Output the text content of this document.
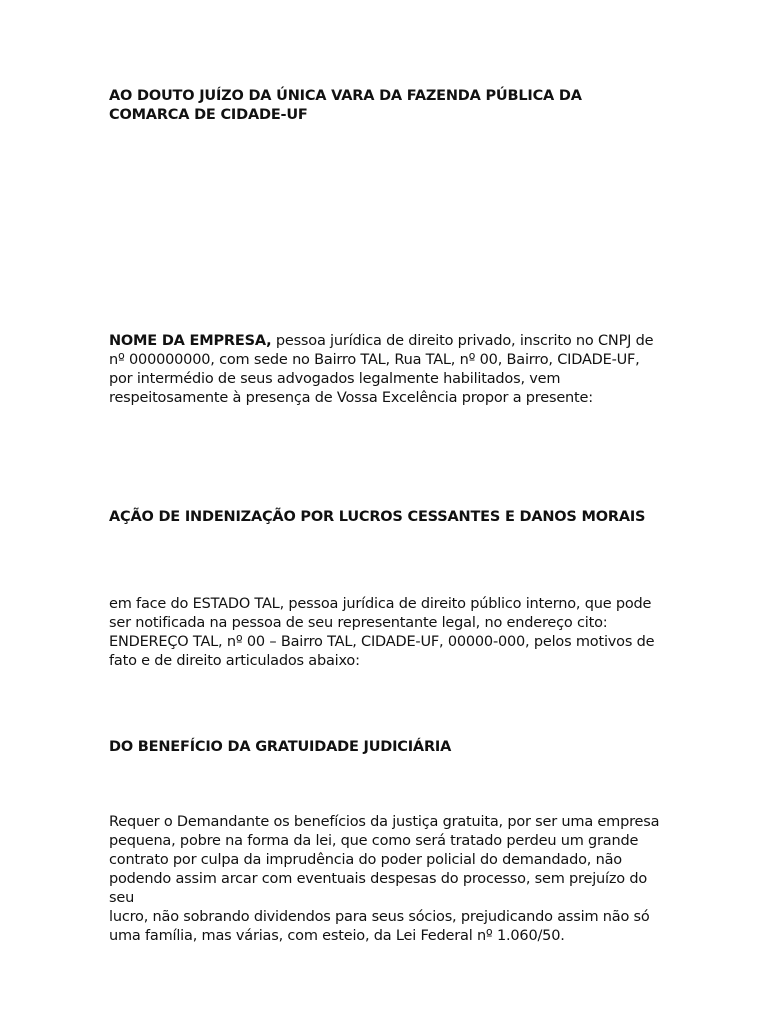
AO DOUTO JUÍZO DA ÚNICA VARA DA FAZENDA PÚBLICA DA
COMARCA DE CIDADE-UF
NOME DA EMPRESA, pessoa jurídica de direito privado, inscrito no CNPJ de
nº 000000000, com sede no Bairro TAL, Rua TAL, nº 00, Bairro, CIDADE-UF,
por intermédio de seus advogados legalmente habilitados, vem
respeitosamente à presença de Vossa Excelência propor a presente:
AÇÃO DE INDENIZAÇÃO POR LUCROS CESSANTES E DANOS MORAIS
em face do ESTADO TAL, pessoa jurídica de direito público interno, que pode
ser notificada na pessoa de seu representante legal, no endereço cito:
ENDEREÇO TAL, nº 00 – Bairro TAL, CIDADE-UF, 00000-000, pelos motivos de
fato e de direito articulados abaixo:
DO BENEFÍCIO DA GRATUIDADE JUDICIÁRIA
Requer o Demandante os benefícios da justiça gratuita, por ser uma empresa
pequena, pobre na forma da lei, que como será tratado perdeu um grande
contrato por culpa da imprudência do poder policial do demandado, não
podendo assim arcar com eventuais despesas do processo, sem prejuízo do seu
lucro, não sobrando dividendos para seus sócios, prejudicando assim não só
uma família, mas várias, com esteio, da Lei Federal nº 1.060/50.
